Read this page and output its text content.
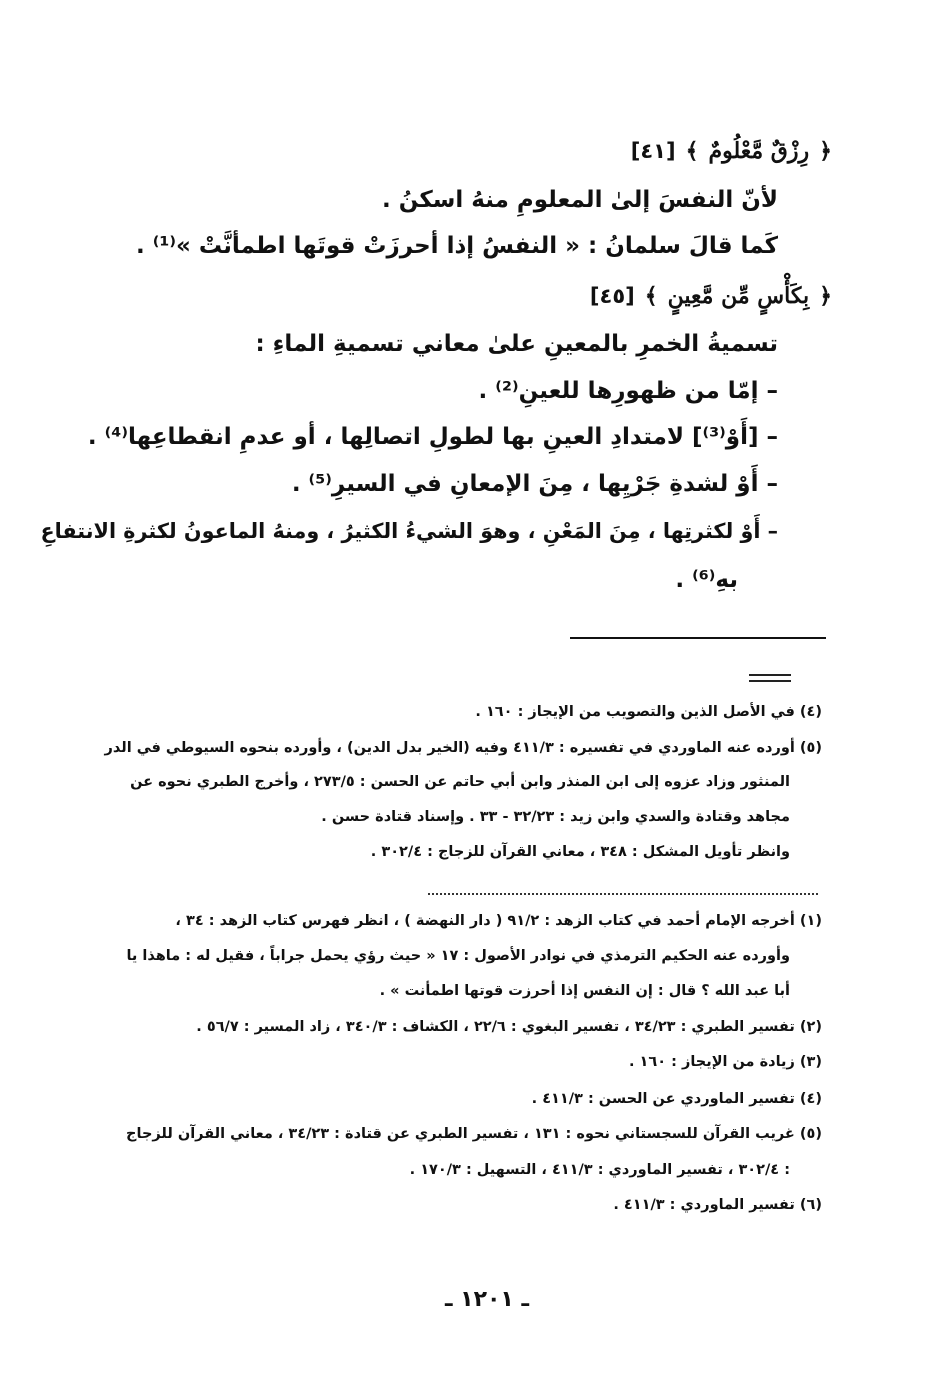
﴿
رِزْقٌ مَّعْلُومٌ
﴾
[٤١]
لأنّ النفسَ إلىٰ المعلومِ منهُ اسكنُ .
كَما قالَ سلمانُ : « النفسُ إذا أحرزَتْ قوتَها اطمأنَّتْ »⁽¹⁾ .
﴿
بِكَأْسٍ مِّن مَّعِينٍ
﴾
[٤٥]
تسميةُ الخمرِ بالمعينِ علىٰ معاني تسميةِ الماءِ :
– إمّا من ظهورِها للعينِ⁽²⁾ .
– [أَوْ⁽³⁾] لامتدادِ العينِ بها لطولِ اتصالِها ، أو عدمِ انقطاعِها⁽⁴⁾ .
– أَوْ لشدةِ جَرْيِها ، مِنَ الإمعانِ في السيرِ⁽⁵⁾ .
– أَوْ لكثرتِها ، مِنَ المَعْنِ ، وهوَ الشيءُ الكثيرُ ، ومنهُ الماعونُ لكثرةِ الانتفاعِ
بهِ⁽⁶⁾ .
(٤) في الأصل الذين والتصويب من الإيجاز : ١٦٠ .
(٥) أورده عنه الماوردي في تفسيره : ٤١١/٣ وفيه (الخير بدل الدين) ، وأورده بنحوه السيوطي في الدر
المنثور وزاد عزوه إلى ابن المنذر وابن أبي حاتم عن الحسن : ٢٧٣/٥ ، وأخرج الطبري نحوه عن
مجاهد وقتادة والسدي وابن زيد : ٣٢/٢٣ - ٣٣ . وإسناد قتادة حسن .
وانظر تأويل المشكل : ٣٤٨ ، معاني القرآن للزجاج : ٣٠٢/٤ .
(١) أخرجه الإمام أحمد في كتاب الزهد : ٩١/٢ ( دار النهضة ) ، انظر فهرس كتاب الزهد : ٣٤ ،
وأورده عنه الحكيم الترمذي في نوادر الأصول : ١٧ « حيث رؤي يحمل جراباً ، فقيل له : ماهذا يا
أبا عبد الله ؟ قال : إن النفس إذا أحرزت قوتها اطمأنت » .
(٢) تفسير الطبري : ٣٤/٢٣ ، تفسير البغوي : ٢٢/٦ ، الكشاف : ٣٤٠/٣ ، زاد المسير : ٥٦/٧ .
(٣) زيادة من الإيجاز : ١٦٠ .
(٤) تفسير الماوردي عن الحسن : ٤١١/٣ .
(٥) غريب القرآن للسجستاني نحوه : ١٣١ ، تفسير الطبري عن قتادة : ٣٤/٢٣ ، معاني القرآن للزجاج
: ٣٠٢/٤ ، تفسير الماوردي : ٤١١/٣ ، التسهيل : ١٧٠/٣ .
(٦) تفسير الماوردي : ٤١١/٣ .
ـ ١٢٠١ ـ
